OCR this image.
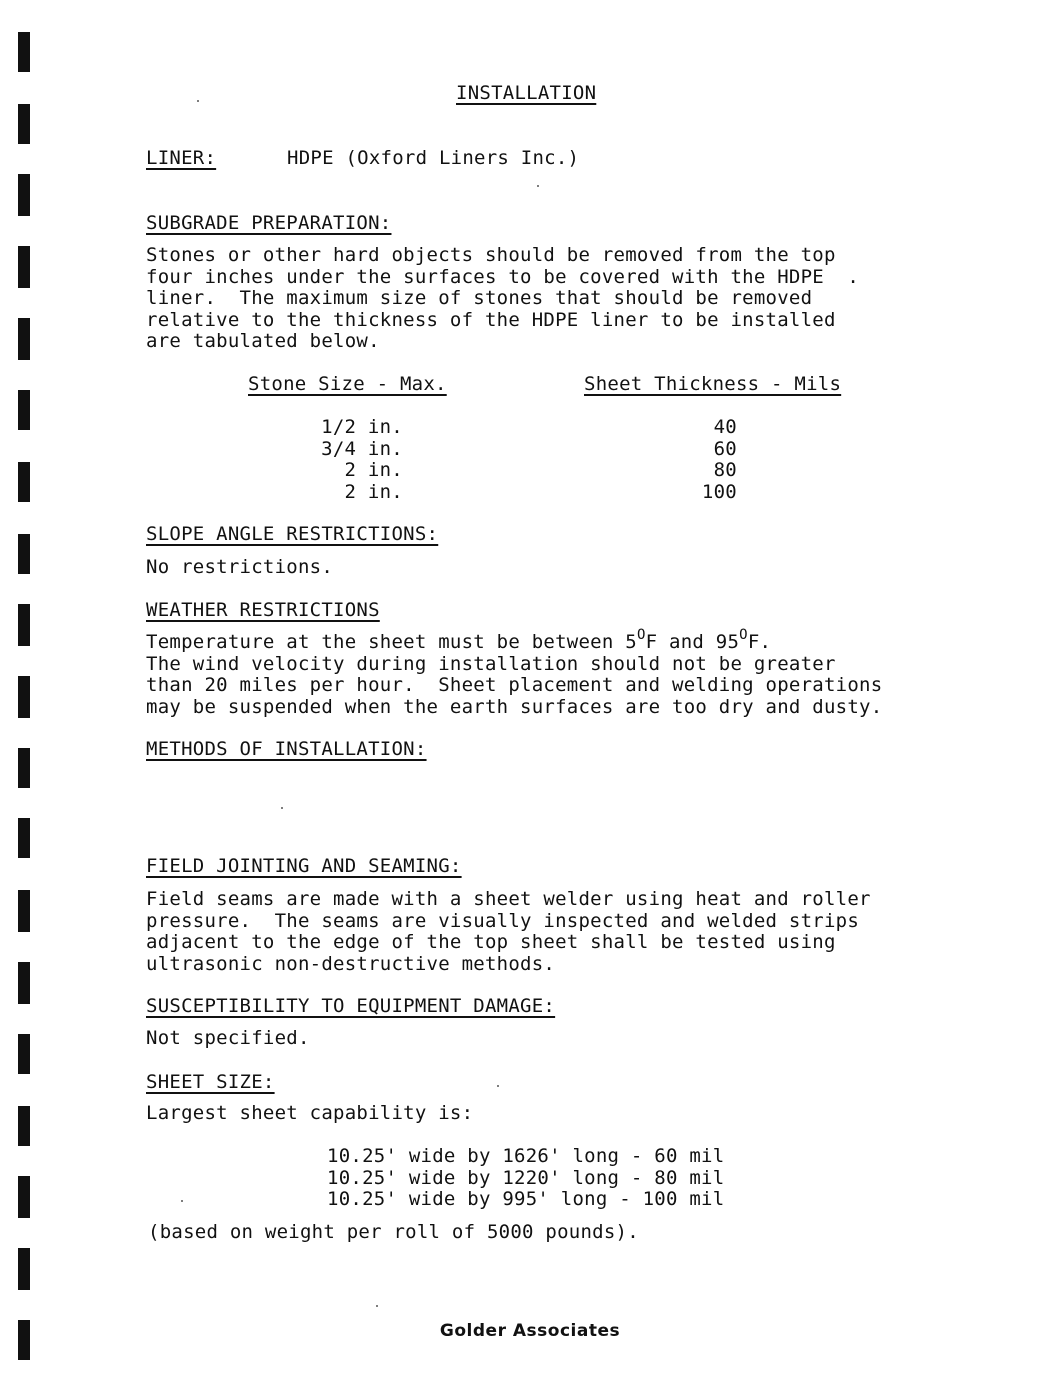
INSTALLATION

LINER:	HDPE (Oxford Liners Inc.)

SUBGRADE PREPARATION:

Stones or other hard objects should be removed from the top

four inches under the surfaces to be covered with the HDPE  .

liner.  The maximum size of stones that should be removed

relative to the thickness of the HDPE liner to be installed

are tabulated below.

Stone Size - Max.	Sheet Thickness - Mils

1/2 in.	40

3/4 in.	60

2 in.	80

2 in.	100

SLOPE ANGLE RESTRICTIONS:

No restrictions.

WEATHER RESTRICTIONS

Temperature at the sheet must be between $5^OF$ and $95^OF$.

The wind velocity during installation should not be greater

than 20 miles per hour.  Sheet placement and welding operations

may be suspended when the earth surfaces are too dry and dusty.

METHODS OF INSTALLATION:

FIELD JOINTING AND SEAMING:

Field seams are made with a sheet welder using heat and roller

pressure.  The seams are visually inspected and welded strips

adjacent to the edge of the top sheet shall be tested using

ultrasonic non-destructive methods.

SUSCEPTIBILITY TO EQUIPMENT DAMAGE:

Not specified.

SHEET SIZE:

Largest sheet capability is:

10.25' wide by 1626' long - 60 mil

10.25' wide by 1220' long - 80 mil

10.25' wide by 995' long - 100 mil

(based on weight per roll of 5000 pounds).

Golder Associates
